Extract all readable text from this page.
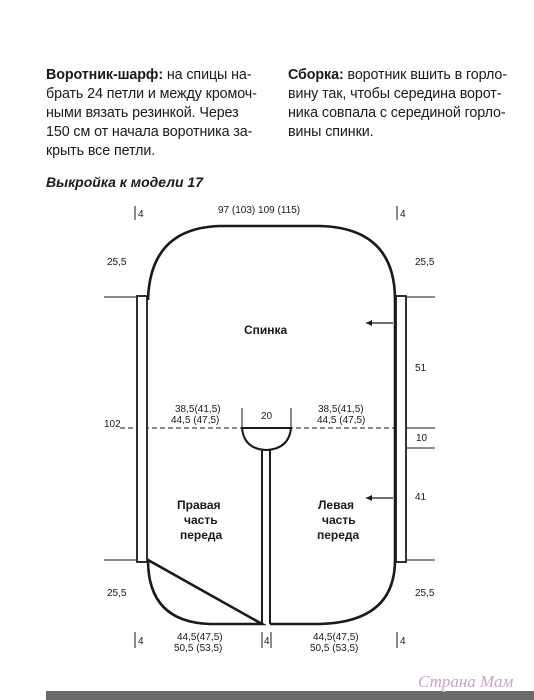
Воротник-шарф: на спицы на-
брать 24 петли и между кромоч-
ными вязать резинкой. Через
150 см от начала воротника за-
крыть все петли.
Сборка: воротник вшить в горло-
вину так, чтобы середина ворот-
ника совпала с серединой горло-
вины спинки.
Выкройка к модели 17
4	4
97 (103) 109 (115)
25,5
102
25,5
25,5
51
10
41
25,5
20
38,5(41,5)
44,5 (47,5)
38,5(41,5)
44,5 (47,5)
Спинка
Правая
часть
переда
Левая
часть
переда
4	4	4
44,5(47,5)
50,5 (53,5)
44,5(47,5)
50,5 (53,5)
Страна Мам
